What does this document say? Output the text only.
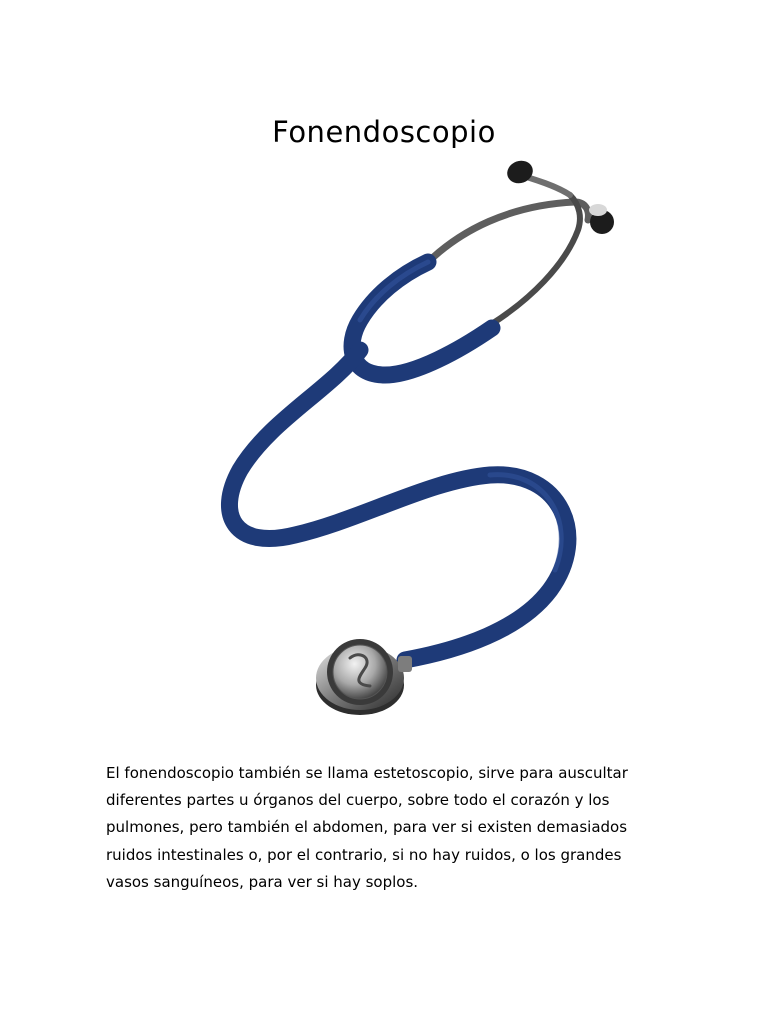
Fonendoscopio
El fonendoscopio también se llama estetoscopio, sirve para auscultar
diferentes partes u órganos del cuerpo, sobre todo el corazón y los
pulmones, pero también el abdomen, para ver si existen demasiados
ruidos intestinales o, por el contrario, si no hay ruidos, o los grandes
vasos sanguíneos, para ver si hay soplos.
